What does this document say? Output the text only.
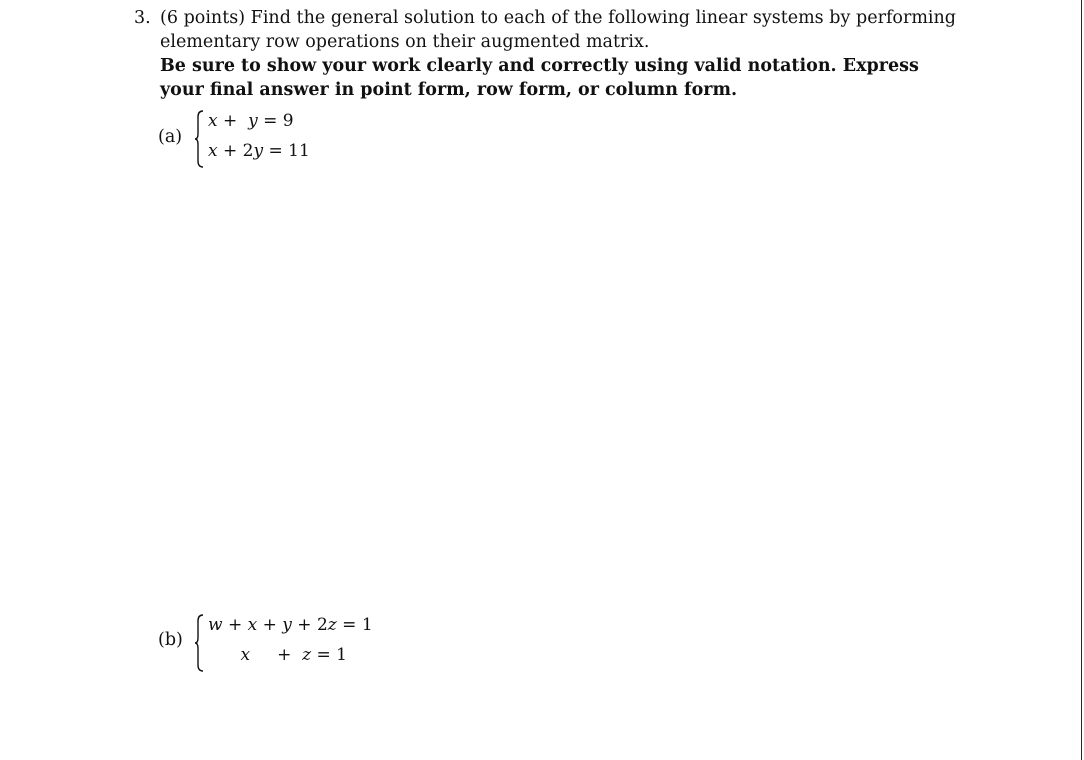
3. (6 points) Find the general solution to each of the following linear systems by performing elementary row operations on their augmented matrix.
Be sure to show your work clearly and correctly using valid notation. Express your final answer in point form, row form, or column form.
(a)
x + y = 9
x + 2y = 11
(b)
w + x + y + 2z = 1
x + z = 1
